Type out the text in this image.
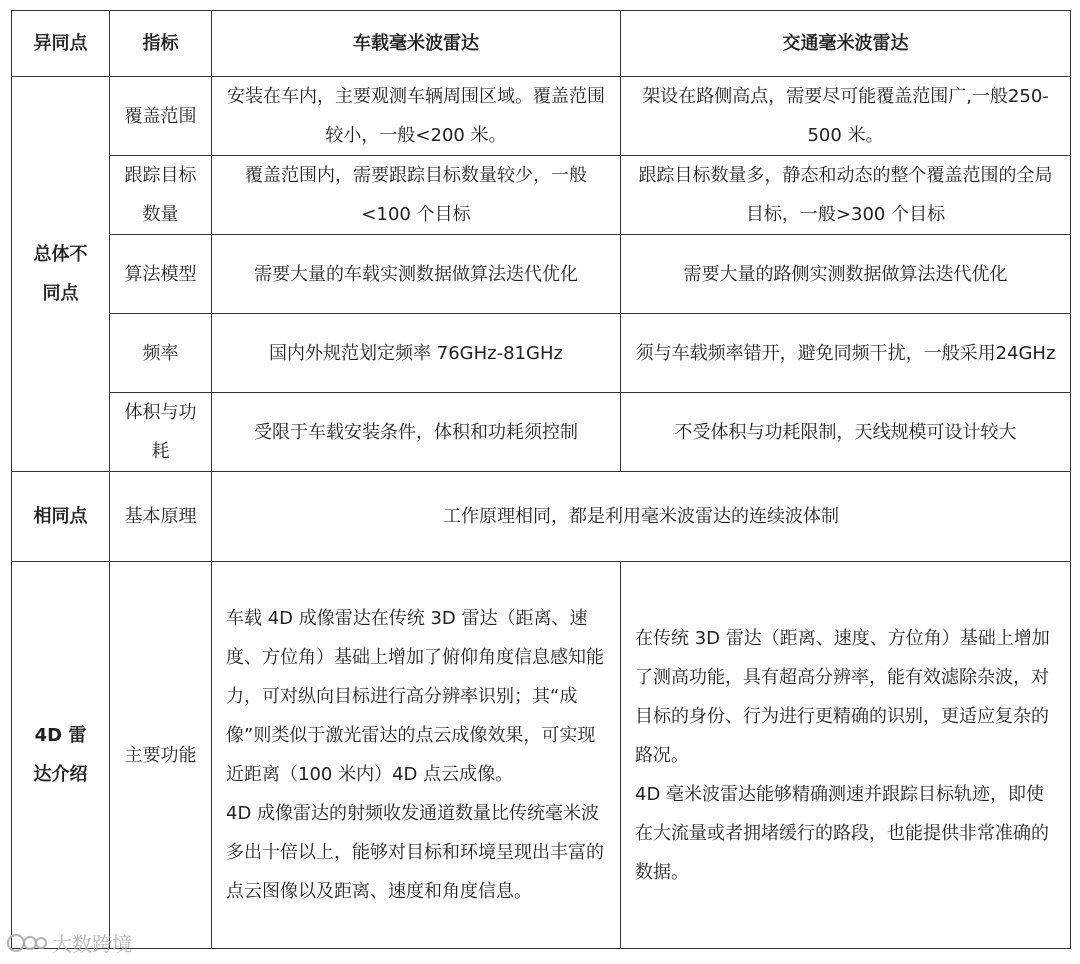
异同点	指标	车载毫米波雷达	交通毫米波雷达
总体不同点	覆盖范围	安装在车内，主要观测车辆周围区域。覆盖范围较小，一般<200 米。	架设在路侧高点，需要尽可能覆盖范围广,一般250-500 米。
	跟踪目标数量	覆盖范围内，需要跟踪目标数量较少，一般<100 个目标	跟踪目标数量多，静态和动态的整个覆盖范围的全局目标，一般>300 个目标
	算法模型	需要大量的车载实测数据做算法迭代优化	需要大量的路侧实测数据做算法迭代优化
	频率	国内外规范划定频率 76GHz-81GHz	须与车载频率错开，避免同频干扰，一般采用24GHz
	体积与功耗	受限于车载安装条件，体积和功耗须控制	不受体积与功耗限制，天线规模可设计较大
相同点	基本原理	工作原理相同，都是利用毫米波雷达的连续波体制	
4D 雷达介绍	主要功能	车载 4D 成像雷达在传统 3D 雷达（距离、速度、方位角）基础上增加了俯仰角度信息感知能力，可对纵向目标进行高分辨率识别；其“成像”则类似于激光雷达的点云成像效果，可实现近距离（100 米内）4D 点云成像。
4D 成像雷达的射频收发通道数量比传统毫米波多出十倍以上，能够对目标和环境呈现出丰富的点云图像以及距离、速度和角度信息。	在传统 3D 雷达（距离、速度、方位角）基础上增加了测高功能，具有超高分辨率，能有效滤除杂波，对目标的身份、行为进行更精确的识别，更适应复杂的路况。
4D 毫米波雷达能够精确测速并跟踪目标轨迹，即使在大流量或者拥堵缓行的路段，也能提供非常准确的数据。
大数跨境
